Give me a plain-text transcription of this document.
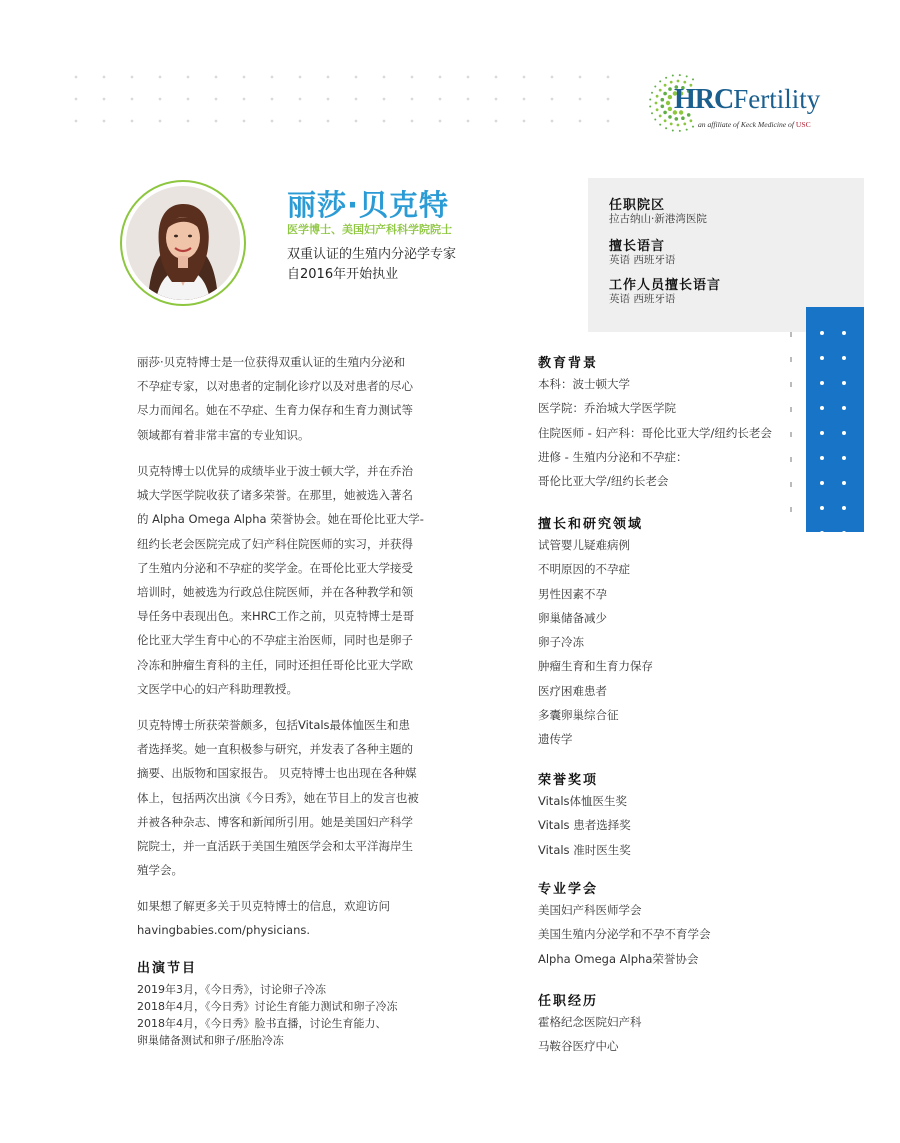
HRCFertility
an affiliate of Keck Medicine of USC
丽莎·贝克特
医学博士、美国妇产科科学院院士
双重认证的生殖内分泌学专家
自2016年开始执业
任职院区
拉古纳山·新港湾医院
擅长语言
英语 西班牙语
工作人员擅长语言
英语 西班牙语
丽莎·贝克特博士是一位获得双重认证的生殖内分泌和
不孕症专家，以对患者的定制化诊疗以及对患者的尽心
尽力而闻名。她在不孕症、生育力保存和生育力测试等
领域都有着非常丰富的专业知识。
贝克特博士以优异的成绩毕业于波士顿大学，并在乔治
城大学医学院收获了诸多荣誉。在那里，她被选入著名
的 Alpha Omega Alpha 荣誉协会。她在哥伦比亚大学-
纽约长老会医院完成了妇产科住院医师的实习，并获得
了生殖内分泌和不孕症的奖学金。在哥伦比亚大学接受
培训时，她被选为行政总住院医师，并在各种教学和领
导任务中表现出色。来HRC工作之前，贝克特博士是哥
伦比亚大学生育中心的不孕症主治医师，同时也是卵子
冷冻和肿瘤生育科的主任，同时还担任哥伦比亚大学欧
文医学中心的妇产科助理教授。
贝克特博士所获荣誉颇多，包括Vitals最体恤医生和患
者选择奖。她一直积极参与研究，并发表了各种主题的
摘要、出版物和国家报告。 贝克特博士也出现在各种媒
体上，包括两次出演《今日秀》，她在节目上的发言也被
并被各种杂志、博客和新闻所引用。她是美国妇产科学
院院士，并一直活跃于美国生殖医学会和太平洋海岸生
殖学会。
如果想了解更多关于贝克特博士的信息，欢迎访问
havingbabies.com/physicians.
出演节目
2019年3月，《今日秀》，讨论卵子冷冻
2018年4月，《今日秀》讨论生育能力测试和卵子冷冻
2018年4月，《今日秀》脸书直播，讨论生育能力、
卵巢储备测试和卵子/胚胎冷冻
教育背景
本科：波士顿大学
医学院：乔治城大学医学院
住院医师 - 妇产科：哥伦比亚大学/纽约长老会
进修 - 生殖内分泌和不孕症：
哥伦比亚大学/纽约长老会
擅长和研究领域
试管婴儿疑难病例
不明原因的不孕症
男性因素不孕
卵巢储备减少
卵子冷冻
肿瘤生育和生育力保存
医疗困难患者
多囊卵巢综合征
遗传学
荣誉奖项
Vitals体恤医生奖
Vitals 患者选择奖
Vitals 准时医生奖
专业学会
美国妇产科医师学会
美国生殖内分泌学和不孕不育学会
Alpha Omega Alpha荣誉协会
任职经历
霍格纪念医院妇产科
马鞍谷医疗中心
